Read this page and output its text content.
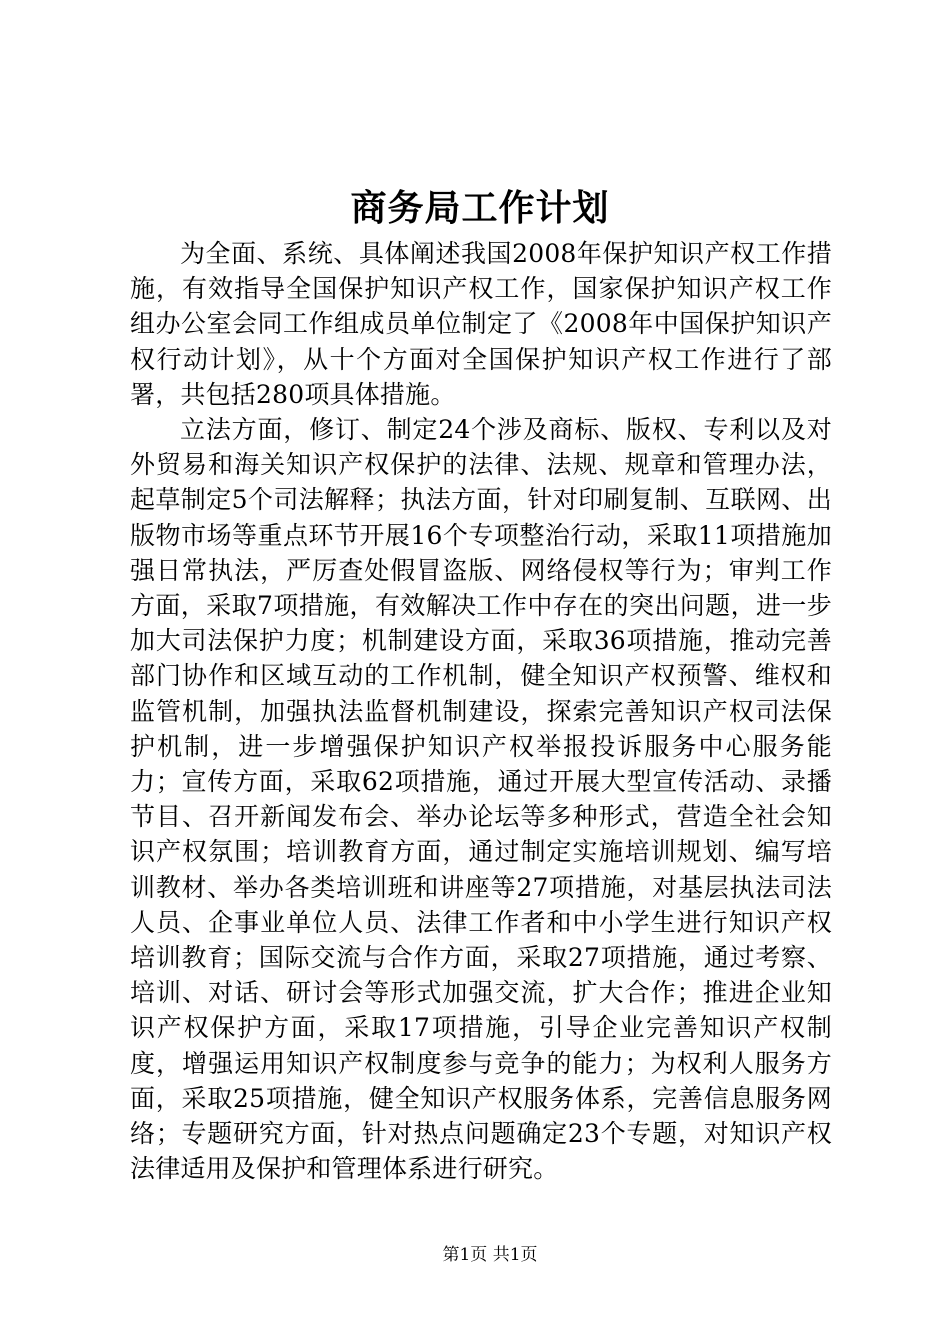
商务局工作计划

为全面、系统、具体阐述我国2008年保护知识产权工作措施，有效指导全国保护知识产权工作，国家保护知识产权工作组办公室会同工作组成员单位制定了《2008年中国保护知识产权行动计划》，从十个方面对全国保护知识产权工作进行了部署，共包括280项具体措施。

立法方面，修订、制定24个涉及商标、版权、专利以及对外贸易和海关知识产权保护的法律、法规、规章和管理办法，起草制定5个司法解释；执法方面，针对印刷复制、互联网、出版物市场等重点环节开展16个专项整治行动，采取11项措施加强日常执法，严厉查处假冒盗版、网络侵权等行为；审判工作方面，采取7项措施，有效解决工作中存在的突出问题，进一步加大司法保护力度；机制建设方面，采取36项措施，推动完善部门协作和区域互动的工作机制，健全知识产权预警、维权和监管机制，加强执法监督机制建设，探索完善知识产权司法保护机制，进一步增强保护知识产权举报投诉服务中心服务能力；宣传方面，采取62项措施，通过开展大型宣传活动、录播节目、召开新闻发布会、举办论坛等多种形式，营造全社会知识产权氛围；培训教育方面，通过制定实施培训规划、编写培训教材、举办各类培训班和讲座等27项措施，对基层执法司法人员、企事业单位人员、法律工作者和中小学生进行知识产权培训教育；国际交流与合作方面，采取27项措施，通过考察、培训、对话、研讨会等形式加强交流，扩大合作；推进企业知识产权保护方面，采取17项措施，引导企业完善知识产权制度，增强运用知识产权制度参与竞争的能力；为权利人服务方面，采取25项措施，健全知识产权服务体系，完善信息服务网络；专题研究方面，针对热点问题确定23个专题，对知识产权法律适用及保护和管理体系进行研究。

第1页 共1页
